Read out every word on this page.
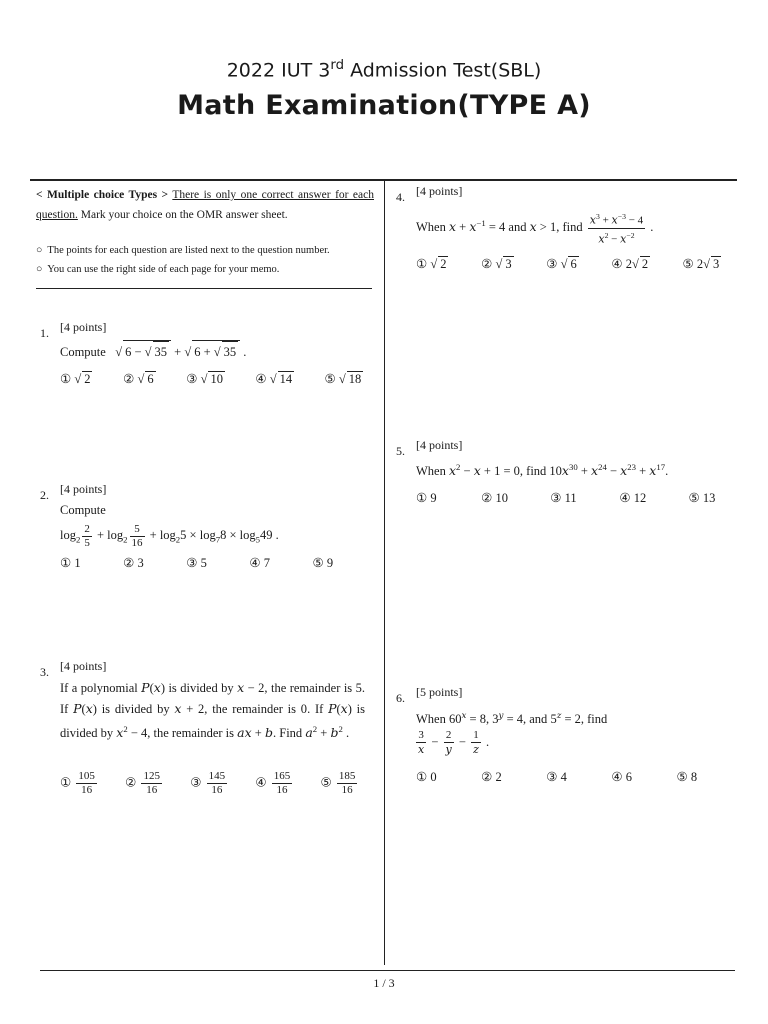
2022 IUT 3rd Admission Test(SBL)
Math Examination(TYPE A)
< Multiple choice Types > There is only one correct answer for each question. Mark your choice on the OMR answer sheet.
○ The points for each question are listed next to the question number.
○ You can use the right side of each page for your memo.
1. [4 points]
Compute √ 6 − √ 35 + √ 6 + √ 35 .
① √ 2	② √ 6	③ √ 10	④ √ 14	⑤ √ 18
2. [4 points]
Compute
$\log_2 \frac{2}{5} + \log_2 \frac{5}{16} + \log_25 \times \log_78 \times \log_549$ .
① 1	② 3	③ 5	④ 7	⑤ 9
3. [4 points]
If a polynomial P(x) is divided by x − 2, the remainder is 5. If P(x) is divided by x + 2, the remainder is 0. If P(x) is divided by $x^2 - 4$, the remainder is ax + b. Find $a^2 + b^2$ .
① $\frac{105}{16}$ ② $\frac{125}{16}$ ③ $\frac{145}{16}$ ④ $\frac{165}{16}$ ⑤ $\frac{185}{16}$
4. [4 points]
When $x + x^{-1} = 4$ and x > 1, find $\frac{x^3 + x^{-3} - 4}{x^2 - x^{-2}}$ .
① √ 2	② √ 3	③ √ 6	④ 2√ 2	⑤ 2√ 3
5. [4 points]
When $x^2 - x + 1 = 0$, find $10x^{30} + x^{24} - x^{23} + x^{17}$.
① 9	② 10	③ 11	④ 12	⑤ 13
6. [5 points]
When $60^x = 8$, $3^y = 4$, and $5^z = 2$, find
$\frac{3}{x} - \frac{2}{y} - \frac{1}{z}$ .
① 0	② 2	③ 4	④ 6	⑤ 8
1 / 3
